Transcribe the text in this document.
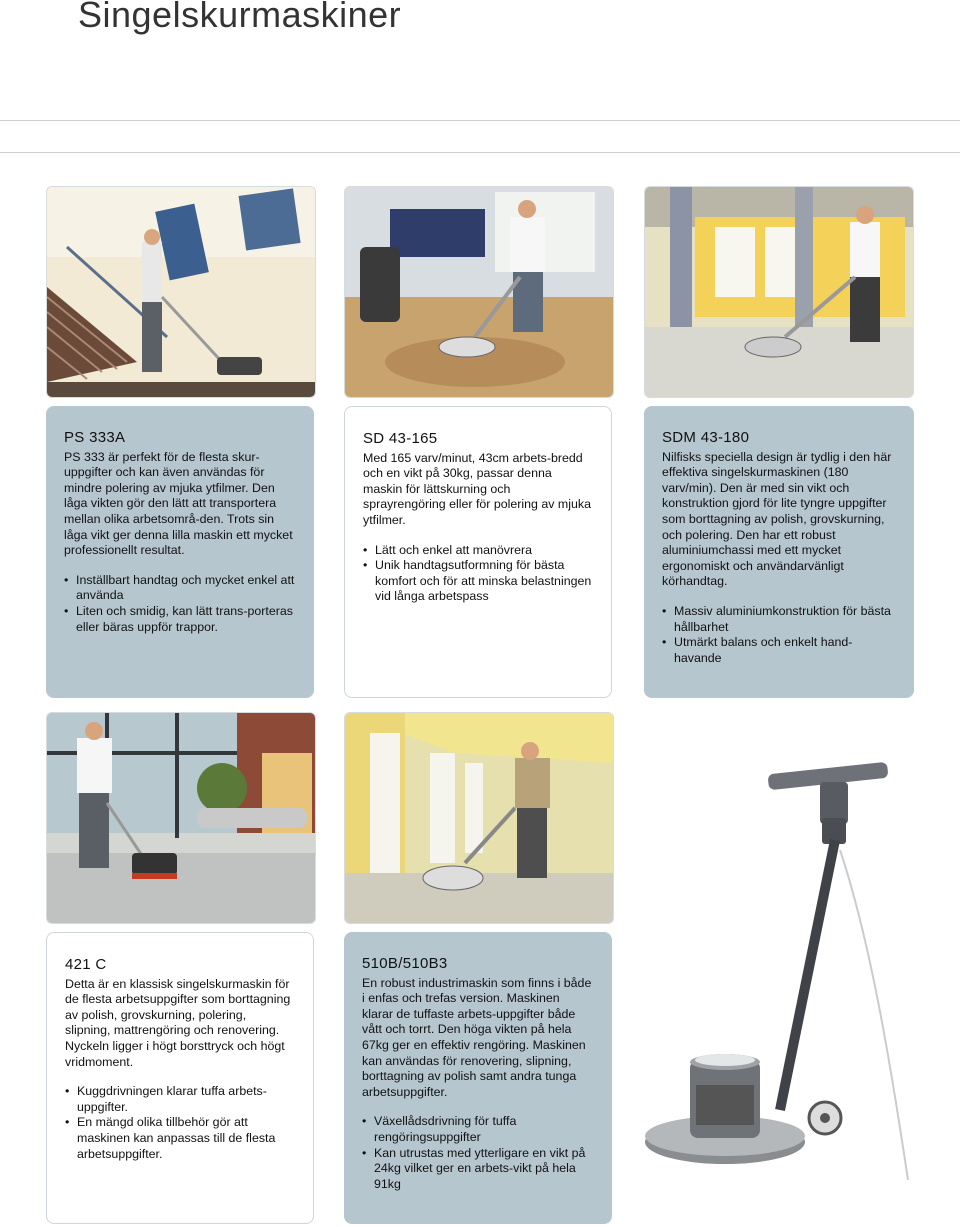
Singelskurmaskiner
PS 333A

PS 333 är perfekt för de flesta skur-uppgifter och kan även användas för mindre polering av mjuka ytfilmer. Den låga vikten gör den lätt att transportera mellan olika arbetsområ-den. Trots sin låga vikt ger denna lilla maskin ett mycket professionellt resultat.

• Inställbart handtag och mycket enkel att använda
• Liten och smidig, kan lätt trans-porteras eller bäras uppför trappor.
SD 43-165

Med 165 varv/minut, 43cm arbets-bredd och en vikt på 30kg, passar denna maskin för lättskurning och sprayrengöring eller för polering av mjuka ytfilmer.

• Lätt och enkel att manövrera
• Unik handtagsutformning för bästa komfort och för att minska belastningen vid långa arbetspass
SDM 43-180

Nilfisks speciella design är tydlig i den här effektiva singelskurmaskinen (180 varv/min). Den är med sin vikt och konstruktion gjord för lite tyngre uppgifter som borttagning av polish, grovskurning, och polering. Den har ett robust aluminiumchassi med ett mycket ergonomiskt och användarvänligt körhandtag.

• Massiv aluminiumkonstruktion för bästa hållbarhet
• Utmärkt balans och enkelt hand-havande
421 C

Detta är en klassisk singelskurmaskin för de flesta arbetsuppgifter som borttagning av polish, grovskurning, polering, slipning, mattrengöring och renovering. Nyckeln ligger i högt borsttryck och högt vridmoment.

• Kuggdrivningen klarar tuffa arbets-uppgifter.
• En mängd olika tillbehör gör att maskinen kan anpassas till de flesta arbetsuppgifter.
510B/510B3

En robust industrimaskin som finns i både i enfas och trefas version. Maskinen klarar de tuffaste arbets-uppgifter både vått och torrt. Den höga vikten på hela 67kg ger en effektiv rengöring. Maskinen kan användas för renovering, slipning, borttagning av polish samt andra tunga arbetsuppgifter.

• Växellådsdrivning för tuffa rengöringsuppgifter
• Kan utrustas med ytterligare en vikt på 24kg vilket ger en arbets-vikt på hela 91kg
